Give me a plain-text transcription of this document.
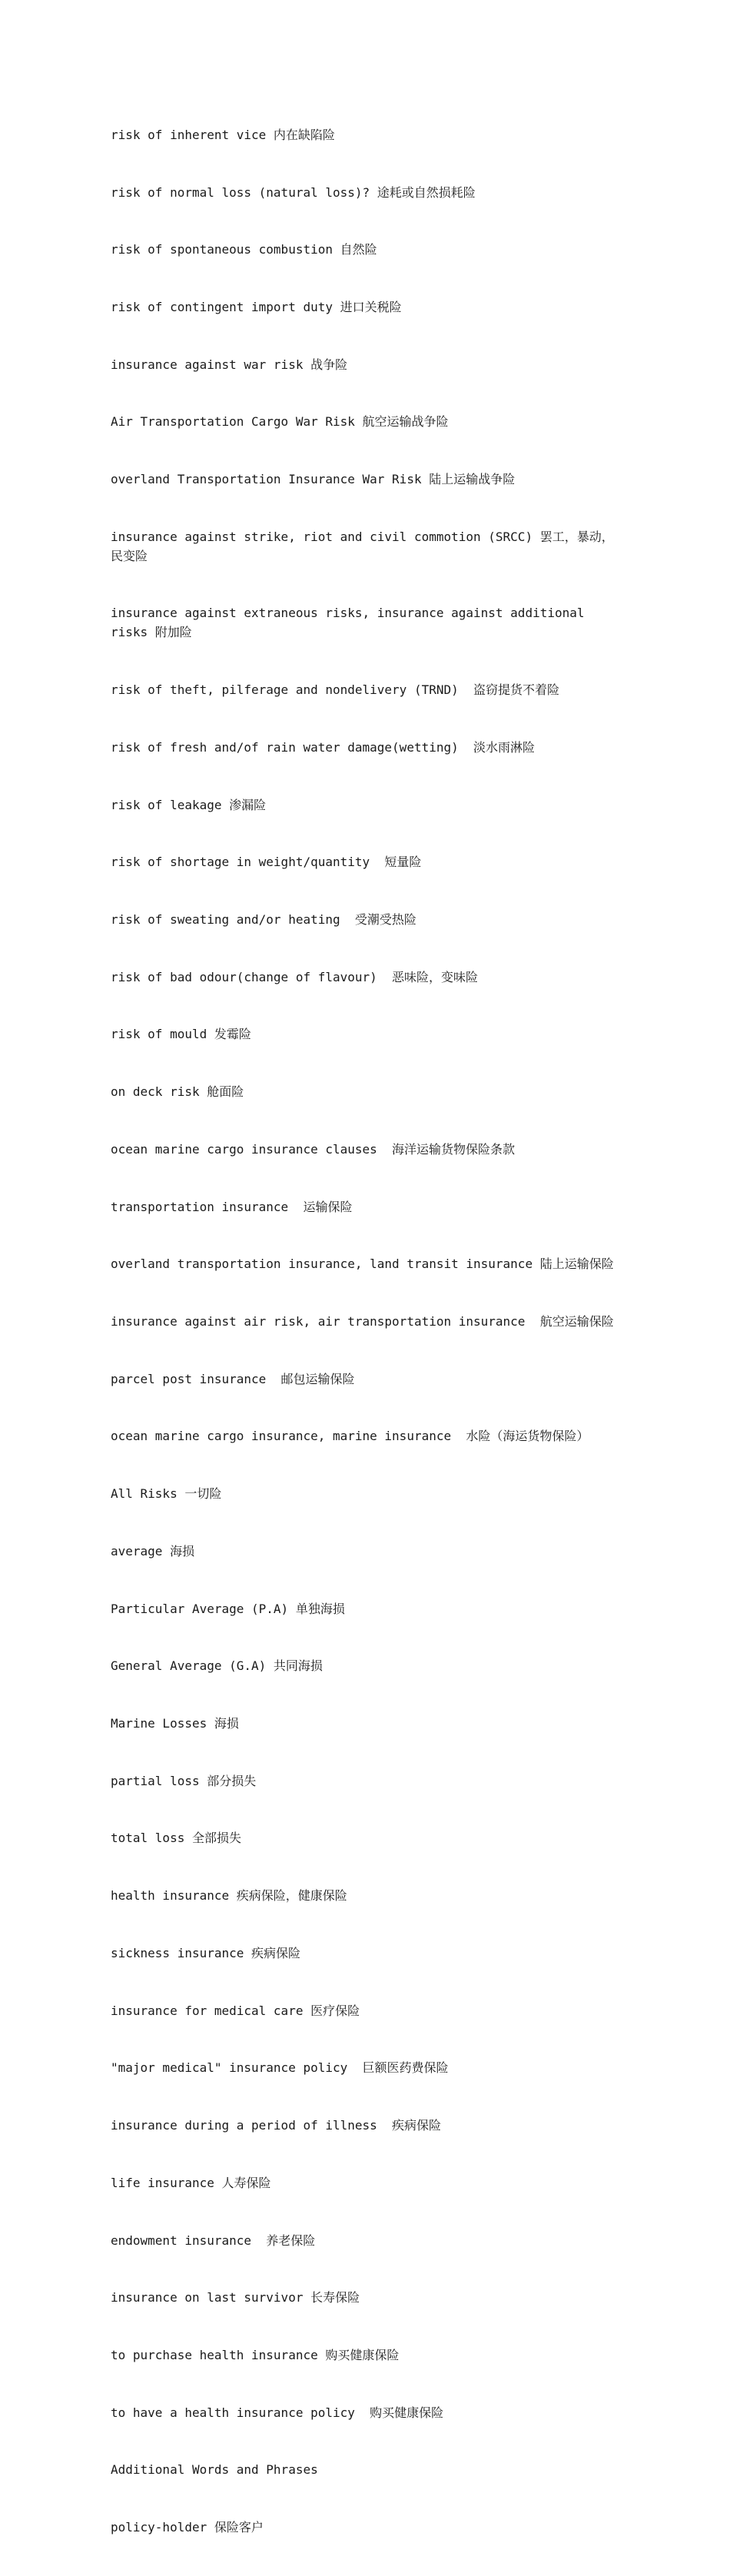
risk of inherent vice 内在缺陷险

risk of normal loss (natural loss)? 途耗或自然损耗险

risk of spontaneous combustion 自然险

risk of contingent import duty 进口关税险

insurance against war risk 战争险

Air Transportation Cargo War Risk 航空运输战争险

overland Transportation Insurance War Risk 陆上运输战争险

insurance against strike, riot and civil commotion (SRCC) 罢工，暴动，民变险

insurance against extraneous risks, insurance against additional risks 附加险

risk of theft, pilferage and nondelivery (TRND)  盗窃提货不着险

risk of fresh and/of rain water damage(wetting)  淡水雨淋险

risk of leakage 渗漏险

risk of shortage in weight/quantity  短量险

risk of sweating and/or heating  受潮受热险

risk of bad odour(change of flavour)  恶味险，变味险

risk of mould 发霉险

on deck risk 舱面险

ocean marine cargo insurance clauses  海洋运输货物保险条款

transportation insurance  运输保险

overland transportation insurance, land transit insurance 陆上运输保险

insurance against air risk, air transportation insurance  航空运输保险

parcel post insurance  邮包运输保险

ocean marine cargo insurance, marine insurance  水险（海运货物保险）

All Risks 一切险

average 海损

Particular Average (P.A) 单独海损

General Average (G.A) 共同海损

Marine Losses 海损

partial loss 部分损失

total loss 全部损失

health insurance 疾病保险，健康保险

sickness insurance 疾病保险

insurance for medical care 医疗保险

"major medical" insurance policy  巨额医药费保险

insurance during a period of illness  疾病保险

life insurance 人寿保险

endowment insurance  养老保险

insurance on last survivor 长寿保险

to purchase health insurance 购买健康保险

to have a health insurance policy  购买健康保险

Additional Words and Phrases

policy-holder 保险客户
